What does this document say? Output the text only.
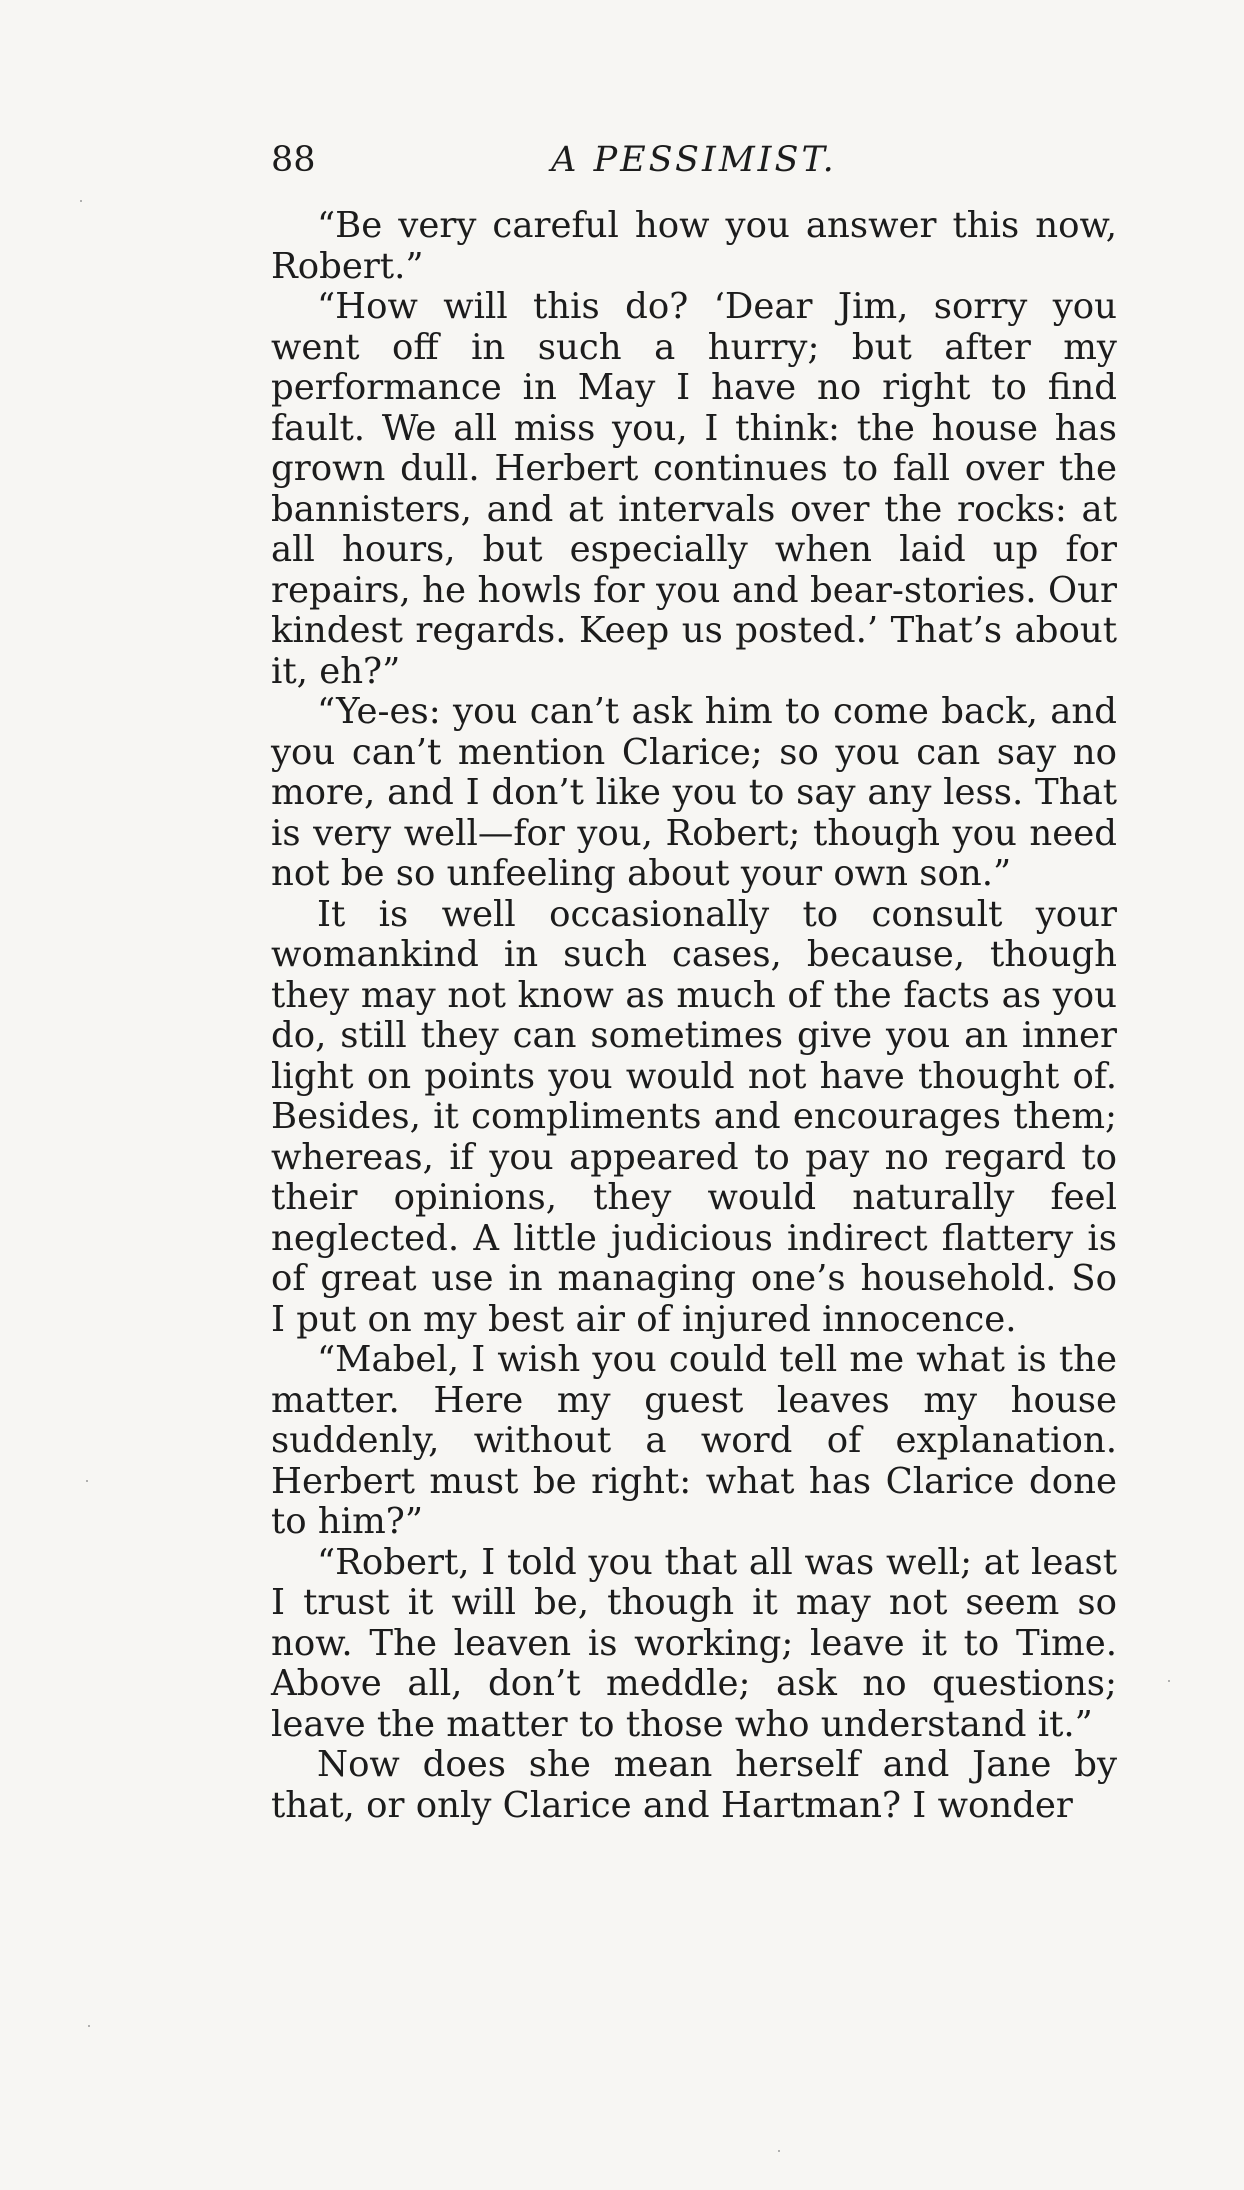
88	A PESSIMIST.

“Be very careful how you answer this now, Robert.”

“How will this do? ‘Dear Jim, sorry you went off in such a hurry; but after my performance in May I have no right to find fault. We all miss you, I think: the house has grown dull. Herbert continues to fall over the bannisters, and at intervals over the rocks: at all hours, but especially when laid up for repairs, he howls for you and bear-stories. Our kindest regards. Keep us posted.’ That’s about it, eh?”

“Ye-es: you can’t ask him to come back, and you can’t mention Clarice; so you can say no more, and I don’t like you to say any less. That is very well—for you, Robert; though you need not be so unfeeling about your own son.”

It is well occasionally to consult your womankind in such cases, because, though they may not know as much of the facts as you do, still they can sometimes give you an inner light on points you would not have thought of. Besides, it compliments and encourages them; whereas, if you appeared to pay no regard to their opinions, they would naturally feel neglected. A little judicious indirect flattery is of great use in managing one’s household. So I put on my best air of injured innocence.

“Mabel, I wish you could tell me what is the matter. Here my guest leaves my house suddenly, without a word of explanation. Herbert must be right: what has Clarice done to him?”

“Robert, I told you that all was well; at least I trust it will be, though it may not seem so now. The leaven is working; leave it to Time. Above all, don’t meddle; ask no questions; leave the matter to those who understand it.”

Now does she mean herself and Jane by that, or only Clarice and Hartman? I wonder
